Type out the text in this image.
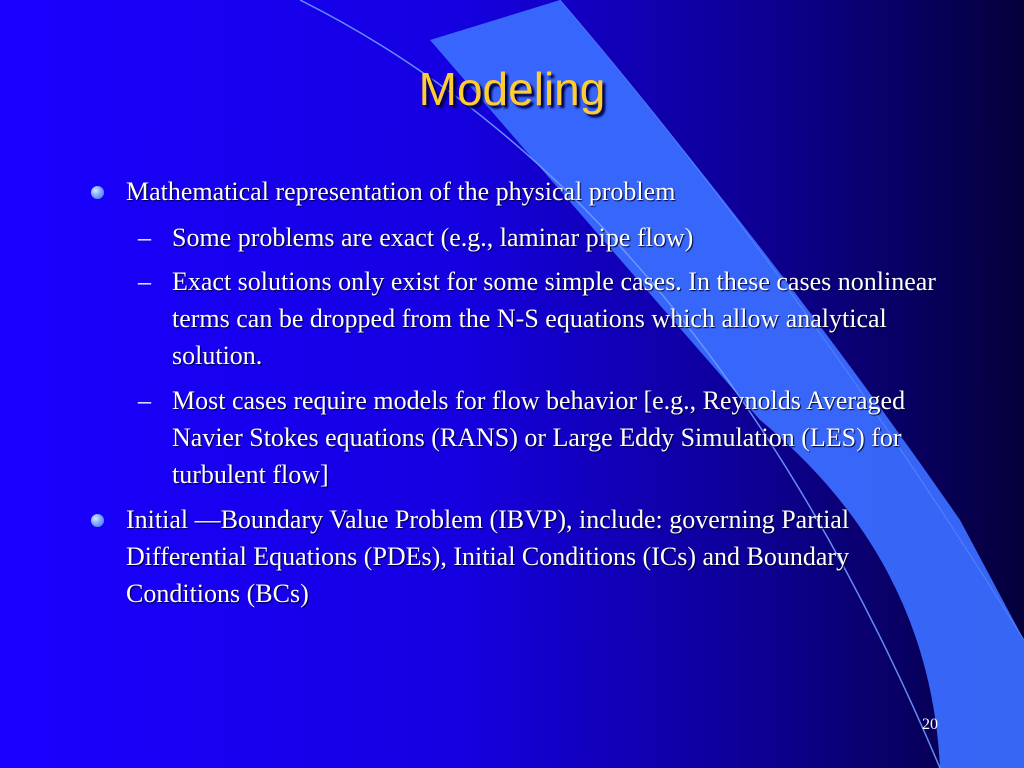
Modeling
Mathematical representation of the physical problem
– Some problems are exact (e.g., laminar pipe flow)
– Exact solutions only exist for some simple cases. In these cases nonlinear terms can be dropped from the N-S equations which allow analytical solution.
– Most cases require models for flow behavior [e.g., Reynolds Averaged Navier Stokes equations (RANS) or Large Eddy Simulation (LES) for turbulent flow]
Initial —Boundary Value Problem (IBVP), include: governing Partial Differential Equations (PDEs), Initial Conditions (ICs) and Boundary Conditions (BCs)
20
